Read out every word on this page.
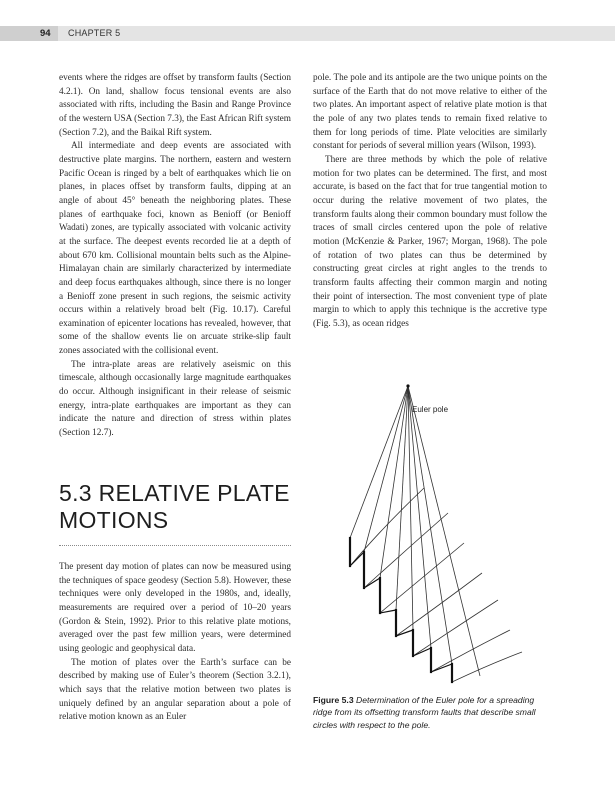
94 CHAPTER 5

events where the ridges are offset by transform faults (Section 4.2.1). On land, shallow focus tensional events are also associated with rifts, including the Basin and Range Province of the western USA (Section 7.3), the East African Rift system (Section 7.2), and the Baikal Rift system.

All intermediate and deep events are associated with destructive plate margins. The northern, eastern and western Pacific Ocean is ringed by a belt of earthquakes which lie on planes, in places offset by transform faults, dipping at an angle of about 45° beneath the neighboring plates. These planes of earthquake foci, known as Benioff (or Benioff Wadati) zones, are typically associated with volcanic activity at the surface. The deepest events recorded lie at a depth of about 670 km. Collisional mountain belts such as the Alpine-Himalayan chain are similarly characterized by intermediate and deep focus earthquakes although, since there is no longer a Benioff zone present in such regions, the seismic activity occurs within a relatively broad belt (Fig. 10.17). Careful examination of epicenter locations has revealed, however, that some of the shallow events lie on arcuate strike-slip fault zones associated with the collisional event.

The intra-plate areas are relatively aseismic on this timescale, although occasionally large magnitude earthquakes do occur. Although insignificant in their release of seismic energy, intra-plate earthquakes are important as they can indicate the nature and direction of stress within plates (Section 12.7).

5.3 RELATIVE PLATE MOTIONS

The present day motion of plates can now be measured using the techniques of space geodesy (Section 5.8). However, these techniques were only developed in the 1980s, and, ideally, measurements are required over a period of 10–20 years (Gordon & Stein, 1992). Prior to this relative plate motions, averaged over the past few million years, were determined using geologic and geophysical data.

The motion of plates over the Earth’s surface can be described by making use of Euler’s theorem (Section 3.2.1), which says that the relative motion between two plates is uniquely defined by an angular separation about a pole of relative motion known as an Euler

pole. The pole and its antipole are the two unique points on the surface of the Earth that do not move relative to either of the two plates. An important aspect of relative plate motion is that the pole of any two plates tends to remain fixed relative to them for long periods of time. Plate velocities are similarly constant for periods of several million years (Wilson, 1993).

There are three methods by which the pole of relative motion for two plates can be determined. The first, and most accurate, is based on the fact that for true tangential motion to occur during the relative movement of two plates, the transform faults along their common boundary must follow the traces of small circles centered upon the pole of relative motion (McKenzie & Parker, 1967; Morgan, 1968). The pole of rotation of two plates can thus be determined by constructing great circles at right angles to the trends to transform faults affecting their common margin and noting their point of intersection. The most convenient type of plate margin to which to apply this technique is the accretive type (Fig. 5.3), as ocean ridges

Euler pole
Figure 5.3 Determination of the Euler pole for a spreading ridge from its offsetting transform faults that describe small circles with respect to the pole.
